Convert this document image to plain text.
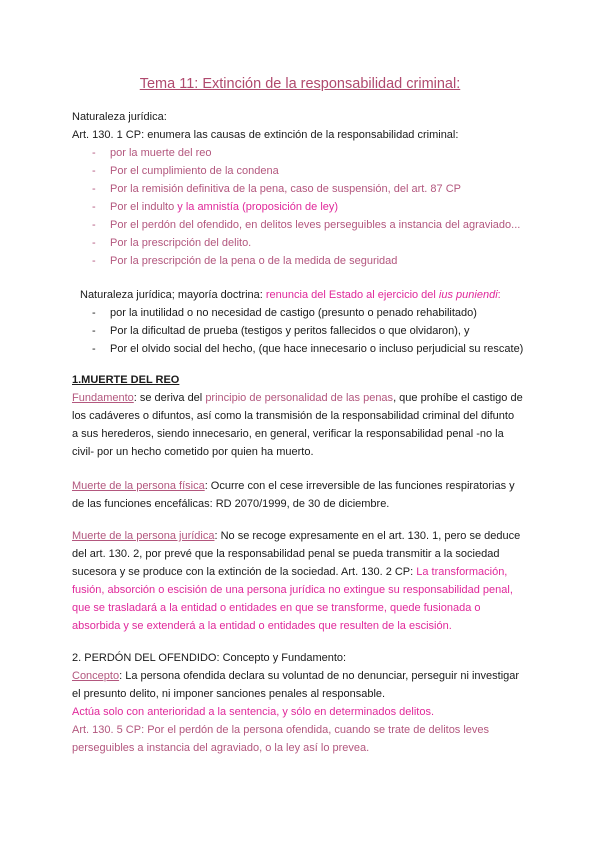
Tema 11: Extinción de la responsabilidad criminal:
Naturaleza jurídica:
Art. 130. 1 CP: enumera las causas de extinción de la responsabilidad criminal:
- por la muerte del reo
- Por el cumplimiento de la condena
- Por la remisión definitiva de la pena, caso de suspensión, del art. 87 CP
- Por el indulto y la amnistía (proposición de ley)
- Por el perdón del ofendido, en delitos leves perseguibles a instancia del agraviado...
- Por la prescripción del delito.
- Por la prescripción de la pena o de la medida de seguridad
Naturaleza jurídica; mayoría doctrina: renuncia del Estado al ejercicio del ius puniendi:
- por la inutilidad o no necesidad de castigo (presunto o penado rehabilitado)
- Por la dificultad de prueba (testigos y peritos fallecidos o que olvidaron), y
- Por el olvido social del hecho, (que hace innecesario o incluso perjudicial su rescate)
1.MUERTE DEL REO
Fundamento: se deriva del principio de personalidad de las penas, que prohíbe el castigo de
los cadáveres o difuntos, así como la transmisión de la responsabilidad criminal del difunto
a sus herederos, siendo innecesario, en general, verificar la responsabilidad penal -no la
civil- por un hecho cometido por quien ha muerto.
Muerte de la persona física: Ocurre con el cese irreversible de las funciones respiratorias y
de las funciones encefálicas: RD 2070/1999, de 30 de diciembre.
Muerte de la persona jurídica: No se recoge expresamente en el art. 130. 1, pero se deduce
del art. 130. 2, por prevé que la responsabilidad penal se pueda transmitir a la sociedad
sucesora y se produce con la extinción de la sociedad. Art. 130. 2 CP: La transformación,
fusión, absorción o escisión de una persona jurídica no extingue su responsabilidad penal,
que se trasladará a la entidad o entidades en que se transforme, quede fusionada o
absorbida y se extenderá a la entidad o entidades que resulten de la escisión.
2. PERDÓN DEL OFENDIDO: Concepto y Fundamento:
Concepto: La persona ofendida declara su voluntad de no denunciar, perseguir ni investigar
el presunto delito, ni imponer sanciones penales al responsable.
Actúa solo con anterioridad a la sentencia, y sólo en determinados delitos.
Art. 130. 5 CP: Por el perdón de la persona ofendida, cuando se trate de delitos leves
perseguibles a instancia del agraviado, o la ley así lo prevea.
